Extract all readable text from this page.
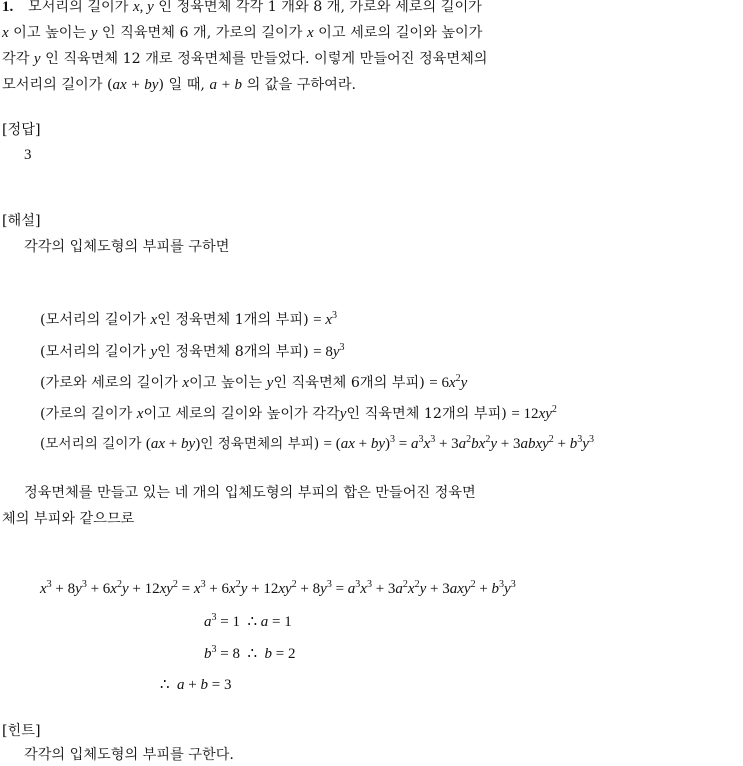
1. 모서리의 길이가 x, y 인 정육면체 각각 1 개와 8 개, 가로와 세로의 길이가
x 이고 높이는 y 인 직육면체 6 개, 가로의 길이가 x 이고 세로의 길이와 높이가
각각 y 인 직육면체 12 개로 정육면체를 만들었다. 이렇게 만들어진 정육면체의
모서리의 길이가 (ax + by) 일 때, a + b 의 값을 구하여라.
[정답]
3
[해설]
각각의 입체도형의 부피를 구하면
(모서리의 길이가 x인 정육면체 1개의 부피) = $x^3$
(모서리의 길이가 y인 정육면체 8개의 부피) = $8y^3$
(가로와 세로의 길이가 x이고 높이는 y인 직육면체 6개의 부피) = $6x^2y$
(가로의 길이가 x이고 세로의 길이와 높이가 각각y인 직육면체 12개의 부피) = $12xy^2$
(모서리의 길이가 (ax + by)인 정육면체의 부피) = $(ax + by)^3 = a^3x^3 + 3a^2bx^2y$ + 3abxy$^2$ + $b^3y^3$
정육면체를 만들고 있는 네 개의 입체도형의 부피의 합은 만들어진 정육면
체의 부피와 같으므로
$x^3 + 8y^3 + 6x^2y + 12xy^2 = x^3 + 6x^2y + 12xy^2 + 8y^3 = a^3x^3 + 3a^2x^2y + 3axy^2 + b^3y^3$
$a^3 = 1$  ∴ a = 1
$b^3 = 8$  ∴  b = 2
∴  a + b = 3
[힌트]
각각의 입체도형의 부피를 구한다.
